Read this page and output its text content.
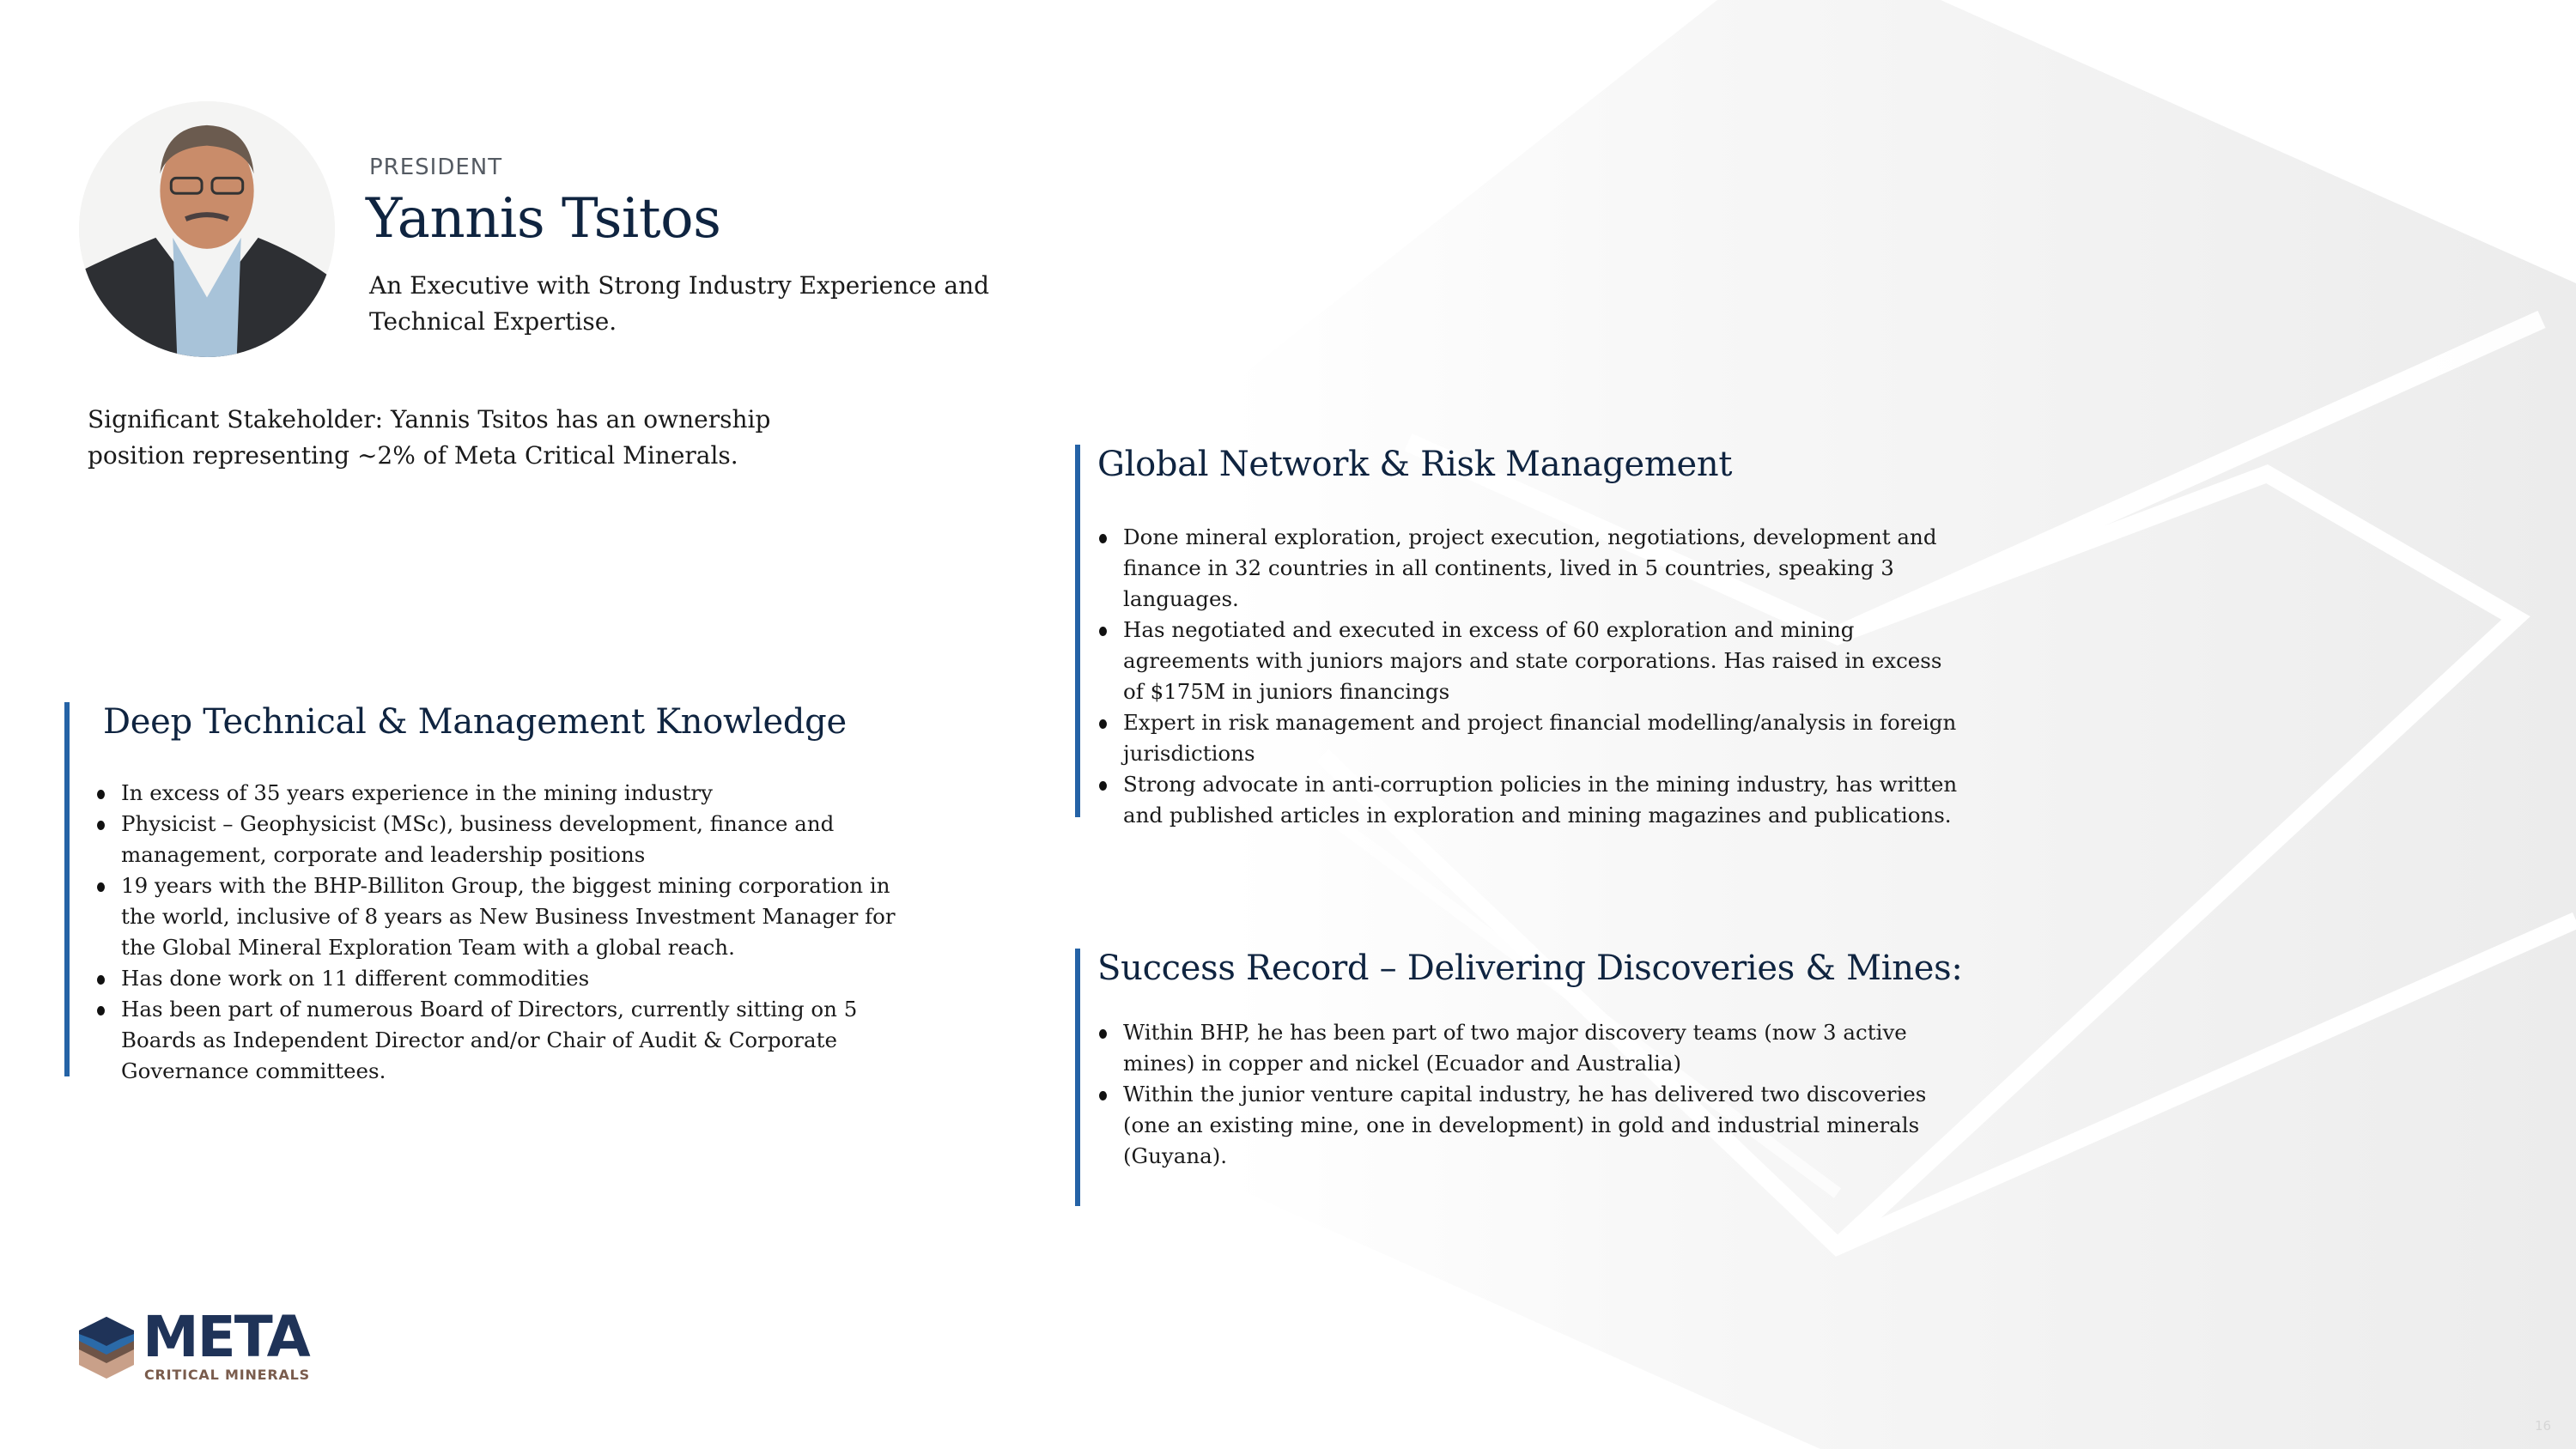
PRESIDENT
Yannis Tsitos
An Executive with Strong Industry Experience and Technical Expertise.
Significant Stakeholder: Yannis Tsitos has an ownership position representing ~2% of Meta Critical Minerals.
Deep Technical & Management Knowledge
In excess of 35 years experience in the mining industry
Physicist – Geophysicist (MSc), business development, finance and management, corporate and leadership positions
19 years with the BHP-Billiton Group, the biggest mining corporation in the world, inclusive of 8 years as New Business Investment Manager for the Global Mineral Exploration Team with a global reach.
Has done work on 11 different commodities
Has been part of numerous Board of Directors, currently sitting on 5 Boards as Independent Director and/or Chair of Audit & Corporate Governance committees.
Global Network & Risk Management
Done mineral exploration, project execution, negotiations, development and finance in 32 countries in all continents, lived in 5 countries, speaking 3 languages.
Has negotiated and executed in excess of 60 exploration and mining agreements with juniors majors and state corporations. Has raised in excess of $175M in juniors financings
Expert in risk management and project financial modelling/analysis in foreign jurisdictions
Strong advocate in anti-corruption policies in the mining industry, has written and published articles in exploration and mining magazines and publications.
Success Record – Delivering Discoveries & Mines:
Within BHP, he has been part of two major discovery teams (now 3 active mines) in copper and nickel (Ecuador and Australia)
Within the junior venture capital industry, he has delivered two discoveries (one an existing mine, one in development) in gold and industrial minerals (Guyana).
META
CRITICAL MINERALS
16
